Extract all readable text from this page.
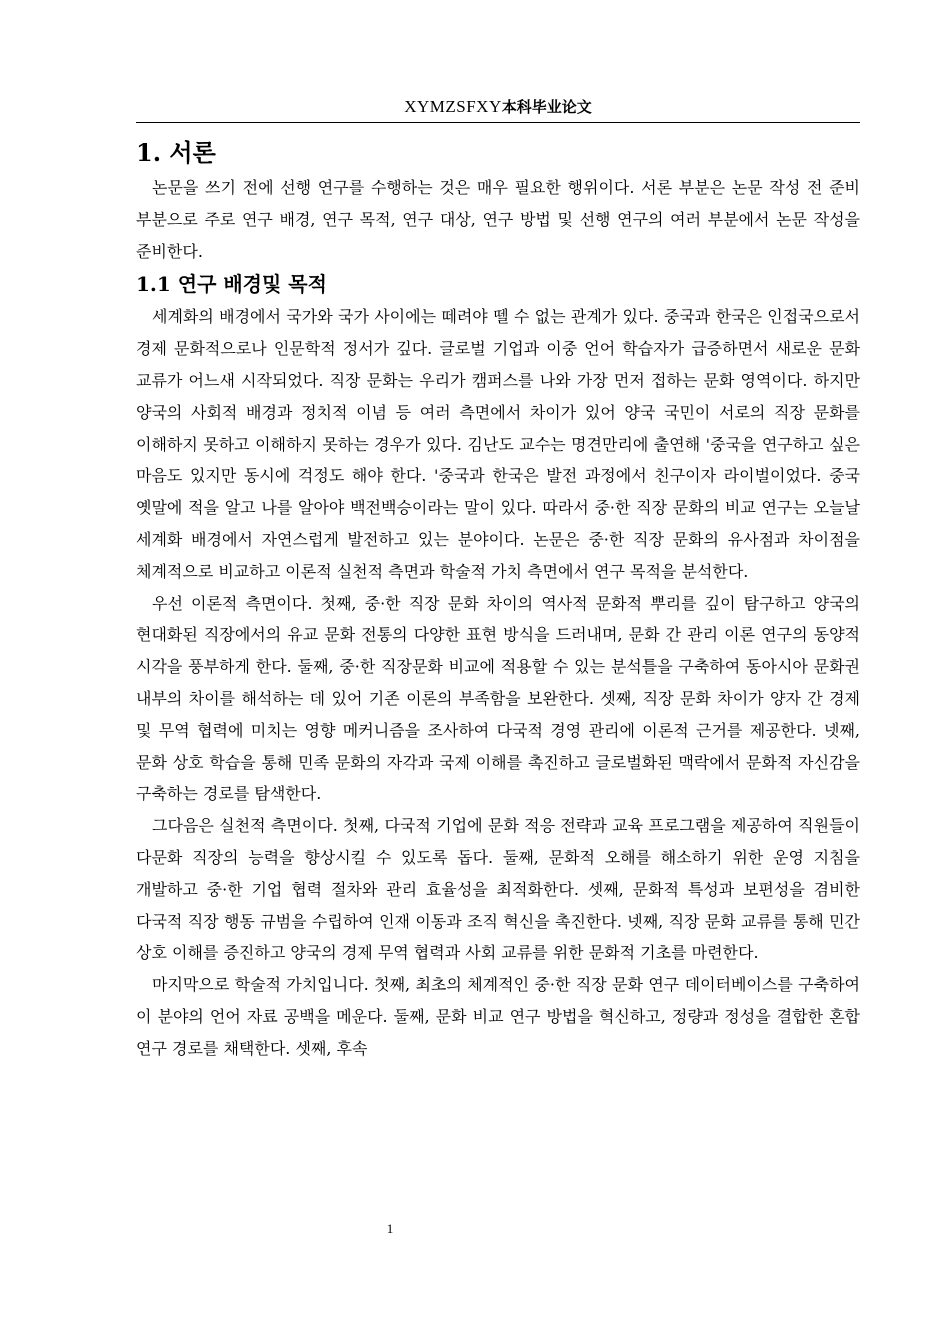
XYMZSFXY本科毕业论文
1. 서론

논문을 쓰기 전에 선행 연구를 수행하는 것은 매우 필요한 행위이다. 서론 부분은 논문 작성 전 준비 부분으로 주로 연구 배경, 연구 목적, 연구 대상, 연구 방법 및 선행 연구의 여러 부분에서 논문 작성을 준비한다.

1.1 연구 배경및 목적

세계화의 배경에서 국가와 국가 사이에는 떼려야 뗄 수 없는 관계가 있다. 중국과 한국은 인접국으로서 경제 문화적으로나 인문학적 정서가 깊다. 글로벌 기업과 이중 언어 학습자가 급증하면서 새로운 문화 교류가 어느새 시작되었다. 직장 문화는 우리가 캠퍼스를 나와 가장 먼저 접하는 문화 영역이다. 하지만 양국의 사회적 배경과 정치적 이념 등 여러 측면에서 차이가 있어 양국 국민이 서로의 직장 문화를 이해하지 못하고 이해하지 못하는 경우가 있다. 김난도 교수는 명견만리에 출연해 '중국을 연구하고 싶은 마음도 있지만 동시에 걱정도 해야 한다. '중국과 한국은 발전 과정에서 친구이자 라이벌이었다. 중국 옛말에 적을 알고 나를 알아야 백전백승이라는 말이 있다. 따라서 중·한 직장 문화의 비교 연구는 오늘날 세계화 배경에서 자연스럽게 발전하고 있는 분야이다. 논문은 중·한 직장 문화의 유사점과 차이점을 체계적으로 비교하고 이론적 실천적 측면과 학술적 가치 측면에서 연구 목적을 분석한다.

우선 이론적 측면이다. 첫째, 중·한 직장 문화 차이의 역사적 문화적 뿌리를 깊이 탐구하고 양국의 현대화된 직장에서의 유교 문화 전통의 다양한 표현 방식을 드러내며, 문화 간 관리 이론 연구의 동양적 시각을 풍부하게 한다. 둘째, 중·한 직장문화 비교에 적용할 수 있는 분석틀을 구축하여 동아시아 문화권 내부의 차이를 해석하는 데 있어 기존 이론의 부족함을 보완한다. 셋째, 직장 문화 차이가 양자 간 경제 및 무역 협력에 미치는 영향 메커니즘을 조사하여 다국적 경영 관리에 이론적 근거를 제공한다. 넷째, 문화 상호 학습을 통해 민족 문화의 자각과 국제 이해를 촉진하고 글로벌화된 맥락에서 문화적 자신감을 구축하는 경로를 탐색한다.

그다음은 실천적 측면이다. 첫째, 다국적 기업에 문화 적응 전략과 교육 프로그램을 제공하여 직원들이 다문화 직장의 능력을 향상시킬 수 있도록 돕다. 둘째, 문화적 오해를 해소하기 위한 운영 지침을 개발하고 중·한 기업 협력 절차와 관리 효율성을 최적화한다. 셋째, 문화적 특성과 보편성을 겸비한 다국적 직장 행동 규범을 수립하여 인재 이동과 조직 혁신을 촉진한다. 넷째, 직장 문화 교류를 통해 민간 상호 이해를 증진하고 양국의 경제 무역 협력과 사회 교류를 위한 문화적 기초를 마련한다.

마지막으로 학술적 가치입니다. 첫째, 최초의 체계적인 중·한 직장 문화 연구 데이터베이스를 구축하여 이 분야의 언어 자료 공백을 메운다. 둘째, 문화 비교 연구 방법을 혁신하고, 정량과 정성을 결합한 혼합 연구 경로를 채택한다. 셋째, 후속

1
